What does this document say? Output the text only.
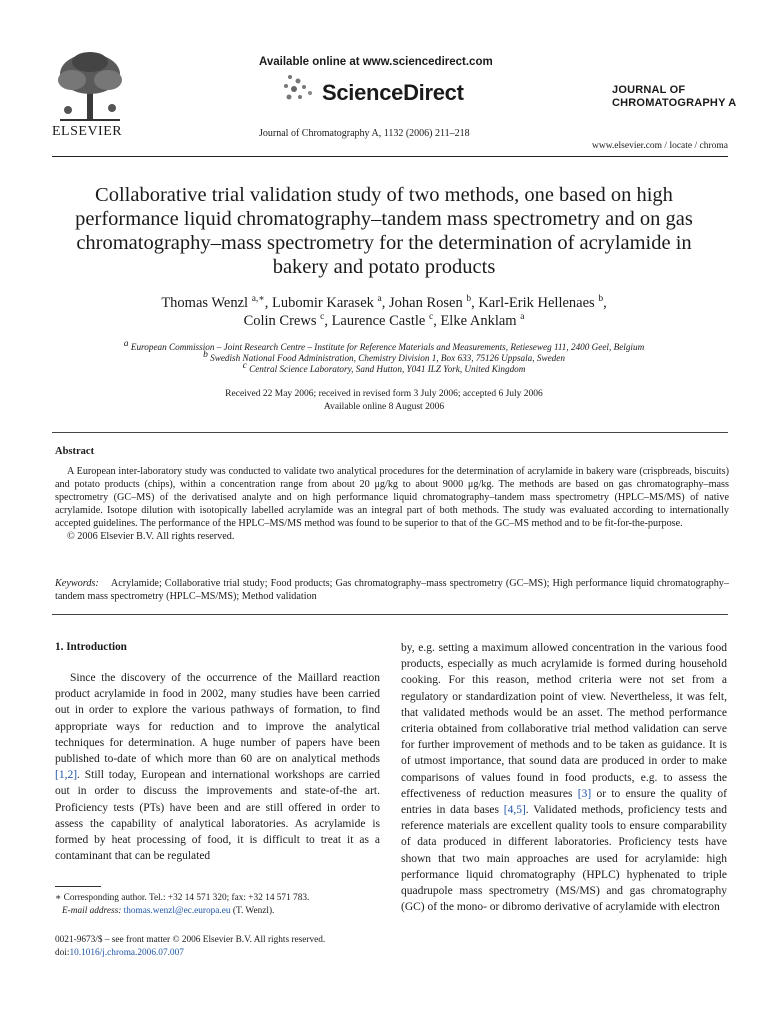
ELSEVIER
Available online at www.sciencedirect.com
ScienceDirect
Journal of Chromatography A, 1132 (2006) 211–218
JOURNAL OF
CHROMATOGRAPHY A
www.elsevier.com / locate / chroma
Collaborative trial validation study of two methods, one based on high performance liquid chromatography–tandem mass spectrometry and on gas chromatography–mass spectrometry for the determination of acrylamide in bakery and potato products
Thomas Wenzl $^{a,∗}$, Lubomir Karasek $^a$, Johan Rosen $^b$, Karl-Erik Hellenaes $^b$,
Colin Crews $^c$, Laurence Castle $^c$, Elke Anklam $^a$
$^a$ European Commission – Joint Research Centre – Institute for Reference Materials and Measurements, Retieseweg 111, 2400 Geel, Belgium
$^b$ Swedish National Food Administration, Chemistry Division 1, Box 633, 75126 Uppsala, Sweden
$^c$ Central Science Laboratory, Sand Hutton, Y041 ILZ York, United Kingdom
Received 22 May 2006; received in revised form 3 July 2006; accepted 6 July 2006
Available online 8 August 2006
Abstract

A European inter-laboratory study was conducted to validate two analytical procedures for the determination of acrylamide in bakery ware (crispbreads, biscuits) and potato products (chips), within a concentration range from about 20 μg/kg to about 9000 μg/kg. The methods are based on gas chromatography–mass spectrometry (GC–MS) of the derivatised analyte and on high performance liquid chromatography–tandem mass spectrometry (HPLC–MS/MS) of native acrylamide. Isotope dilution with isotopically labelled acrylamide was an integral part of both methods. The study was evaluated according to internationally accepted guidelines. The performance of the HPLC–MS/MS method was found to be superior to that of the GC–MS method and to be fit-for-the-purpose.

© 2006 Elsevier B.V. All rights reserved.

Keywords: Acrylamide; Collaborative trial study; Food products; Gas chromatography–mass spectrometry (GC–MS); High performance liquid chromatography–tandem mass spectrometry (HPLC–MS/MS); Method validation
1. Introduction

Since the discovery of the occurrence of the Maillard reaction product acrylamide in food in 2002, many studies have been carried out in order to explore the various pathways of formation, to find appropriate ways for reduction and to improve the analytical techniques for determination. A huge number of papers have been published to-date of which more than 60 are on analytical methods [1,2]. Still today, European and international workshops are carried out in order to discuss the improvements and state-of-the art. Proficiency tests (PTs) have been and are still offered in order to assess the capability of analytical laboratories. As acrylamide is formed by heat processing of food, it is difficult to treat it as a contaminant that can be regulated

by, e.g. setting a maximum allowed concentration in the various food products, especially as much acrylamide is formed during household cooking. For this reason, method criteria were not set from a regulatory or standardization point of view. Nevertheless, it was felt, that validated methods would be an asset. The method performance criteria obtained from collaborative trial method validation can serve for further improvement of methods and to be taken as guidance. It is of utmost importance, that sound data are produced in order to make comparisons of values found in food products, e.g. to assess the effectiveness of reduction measures [3] or to ensure the quality of entries in data bases [4,5]. Validated methods, proficiency tests and reference materials are excellent quality tools to ensure comparability of data produced in different laboratories. Proficiency tests have shown that two main approaches are used for acrylamide: high performance liquid chromatography (HPLC) hyphenated to triple quadrupole mass spectrometry (MS/MS) and gas chromatography (GC) of the mono- or dibromo derivative of acrylamide with electron

∗ Corresponding author. Tel.: +32 14 571 320; fax: +32 14 571 783.
E-mail address: thomas.wenzl@ec.europa.eu (T. Wenzl).
0021-9673/$ – see front matter © 2006 Elsevier B.V. All rights reserved.
doi:10.1016/j.chroma.2006.07.007
